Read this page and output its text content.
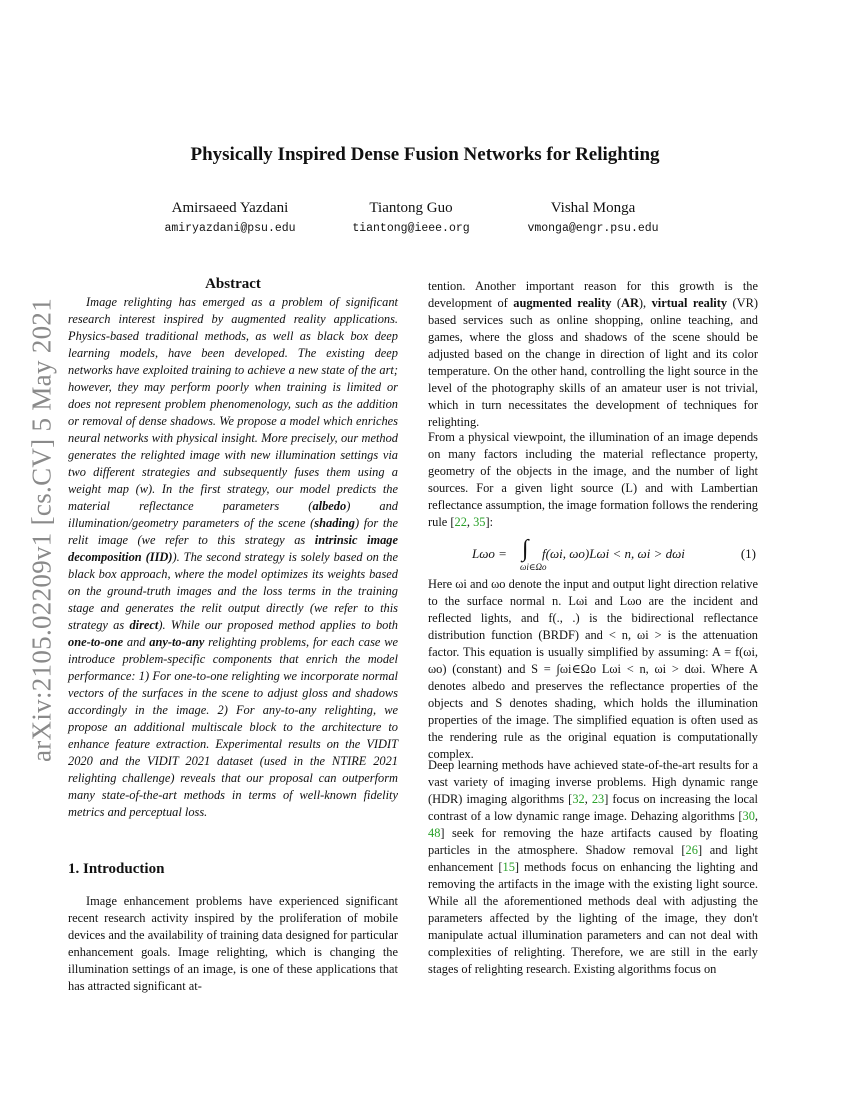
arXiv:2105.02209v1 [cs.CV] 5 May 2021
Physically Inspired Dense Fusion Networks for Relighting
Amirsaeed Yazdani
amiryazdani@psu.edu
Tiantong Guo
tiantong@ieee.org
Vishal Monga
vmonga@engr.psu.edu
Abstract
Image relighting has emerged as a problem of significant research interest inspired by augmented reality applications. Physics-based traditional methods, as well as black box deep learning models, have been developed. The existing deep networks have exploited training to achieve a new state of the art; however, they may perform poorly when training is limited or does not represent problem phenomenology, such as the addition or removal of dense shadows. We propose a model which enriches neural networks with physical insight. More precisely, our method generates the relighted image with new illumination settings via two different strategies and subsequently fuses them using a weight map (w). In the first strategy, our model predicts the material reflectance parameters (albedo) and illumination/geometry parameters of the scene (shading) for the relit image (we refer to this strategy as intrinsic image decomposition (IID)). The second strategy is solely based on the black box approach, where the model optimizes its weights based on the ground-truth images and the loss terms in the training stage and generates the relit output directly (we refer to this strategy as direct). While our proposed method applies to both one-to-one and any-to-any relighting problems, for each case we introduce problem-specific components that enrich the model performance: 1) For one-to-one relighting we incorporate normal vectors of the surfaces in the scene to adjust gloss and shadows accordingly in the image. 2) For any-to-any relighting, we propose an additional multiscale block to the architecture to enhance feature extraction. Experimental results on the VIDIT 2020 and the VIDIT 2021 dataset (used in the NTIRE 2021 relighting challenge) reveals that our proposal can outperform many state-of-the-art methods in terms of well-known fidelity metrics and perceptual loss.
1. Introduction
Image enhancement problems have experienced significant recent research activity inspired by the proliferation of mobile devices and the availability of training data designed for particular enhancement goals. Image relighting, which is changing the illumination settings of an image, is one of these applications that has attracted significant at-
tention. Another important reason for this growth is the development of augmented reality (AR), virtual reality (VR) based services such as online shopping, online teaching, and games, where the gloss and shadows of the scene should be adjusted based on the change in direction of light and its color temperature. On the other hand, controlling the light source in the level of the photography skills of an amateur user is not trivial, which in turn necessitates the development of techniques for relighting.
From a physical viewpoint, the illumination of an image depends on many factors including the material reflectance property, geometry of the objects in the image, and the number of light sources. For a given light source (L) and with Lambertian reflectance assumption, the image formation follows the rendering rule [22, 35]:
Lωo = ∫
ωi∈Ωo
f(ωi, ωo)Lωi < n, ωi > dωi	(1)
Here ωi and ωo denote the input and output light direction relative to the surface normal n. Lωi and Lωo are the incident and reflected lights, and f(., .) is the bidirectional reflectance distribution function (BRDF) and < n, ωi > is the attenuation factor. This equation is usually simplified by assuming: A = f(ωi, ωo) (constant) and S = ∫ωi∈Ωo Lωi < n, ωi > dωi. Where A denotes albedo and preserves the reflectance properties of the objects and S denotes shading, which holds the illumination properties of the image. The simplified equation is often used as the rendering rule as the original equation is computationally complex.
Deep learning methods have achieved state-of-the-art results for a vast variety of imaging inverse problems. High dynamic range (HDR) imaging algorithms [32, 23] focus on increasing the local contrast of a low dynamic range image. Dehazing algorithms [30, 48] seek for removing the haze artifacts caused by floating particles in the atmosphere. Shadow removal [26] and light enhancement [15] methods focus on enhancing the lighting and removing the artifacts in the image with the existing light source. While all the aforementioned methods deal with adjusting the parameters affected by the lighting of the image, they don't manipulate actual illumination parameters and can not deal with complexities of relighting. Therefore, we are still in the early stages of relighting research. Existing algorithms focus on
